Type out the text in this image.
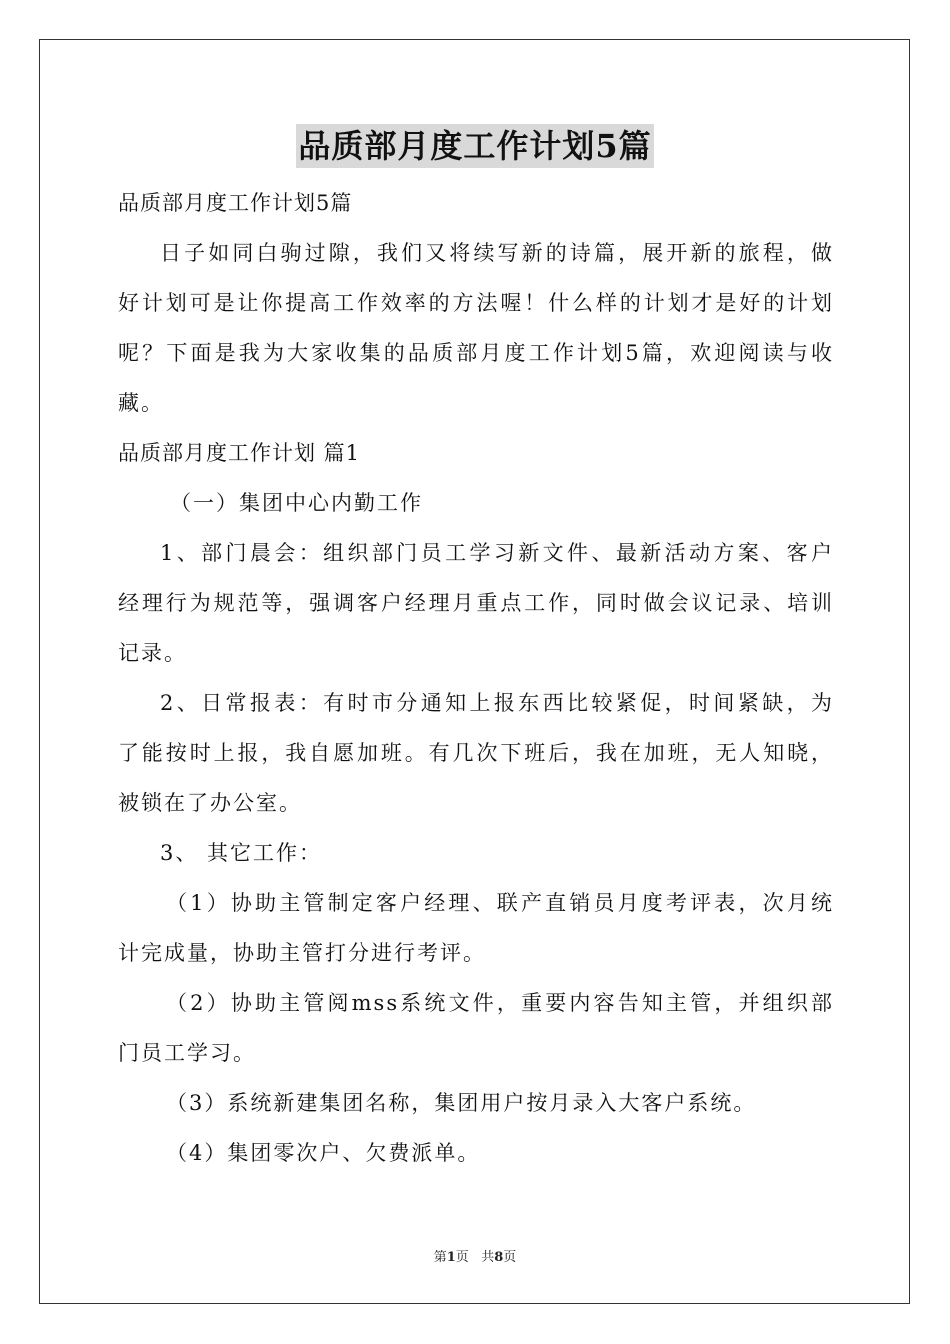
品质部月度工作计划5篇

品质部月度工作计划5篇

日子如同白驹过隙，我们又将续写新的诗篇，展开新的旅程，做

好计划可是让你提高工作效率的方法喔！什么样的计划才是好的计划

呢？下面是我为大家收集的品质部月度工作计划5篇，欢迎阅读与收

藏。

品质部月度工作计划 篇1

（一）集团中心内勤工作

1、部门晨会：组织部门员工学习新文件、最新活动方案、客户

经理行为规范等，强调客户经理月重点工作，同时做会议记录、培训

记录。

2、日常报表：有时市分通知上报东西比较紧促，时间紧缺，为

了能按时上报，我自愿加班。有几次下班后，我在加班，无人知晓，

被锁在了办公室。

3、 其它工作：

（1）协助主管制定客户经理、联产直销员月度考评表，次月统

计完成量，协助主管打分进行考评。

（2）协助主管阅mss系统文件，重要内容告知主管，并组织部

门员工学习。

（3）系统新建集团名称，集团用户按月录入大客户系统。

（4）集团零次户、欠费派单。

第1页 共8页
